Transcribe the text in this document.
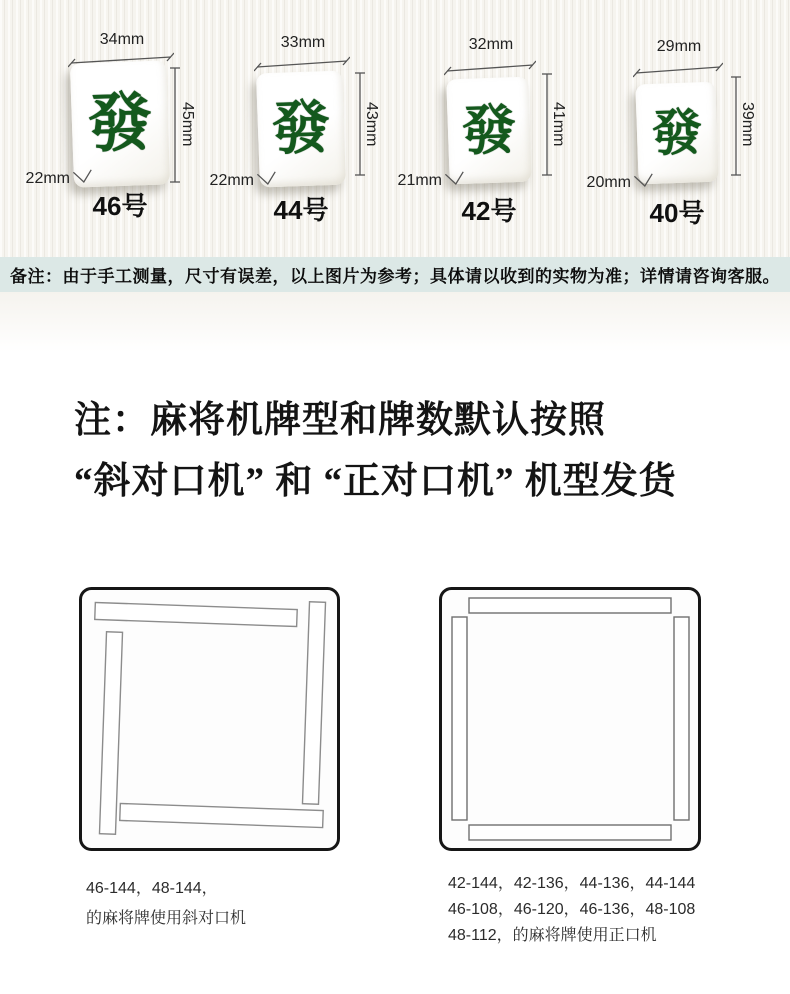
34mm
發 45mm
22mm
46号
33mm
發 43mm
22mm
44号
32mm
發 41mm
21mm
42号
29mm
發 39mm
20mm
40号
备注：由于手工测量，尺寸有误差，以上图片为参考；具体请以收到的实物为准；详情请咨询客服。
注：麻将机牌型和牌数默认按照
“斜对口机” 和 “正对口机” 机型发货
46-144，48-144，
的麻将牌使用斜对口机
42-144，42-136，44-136，44-144
46-108，46-120，46-136，48-108
48-112，的麻将牌使用正口机
